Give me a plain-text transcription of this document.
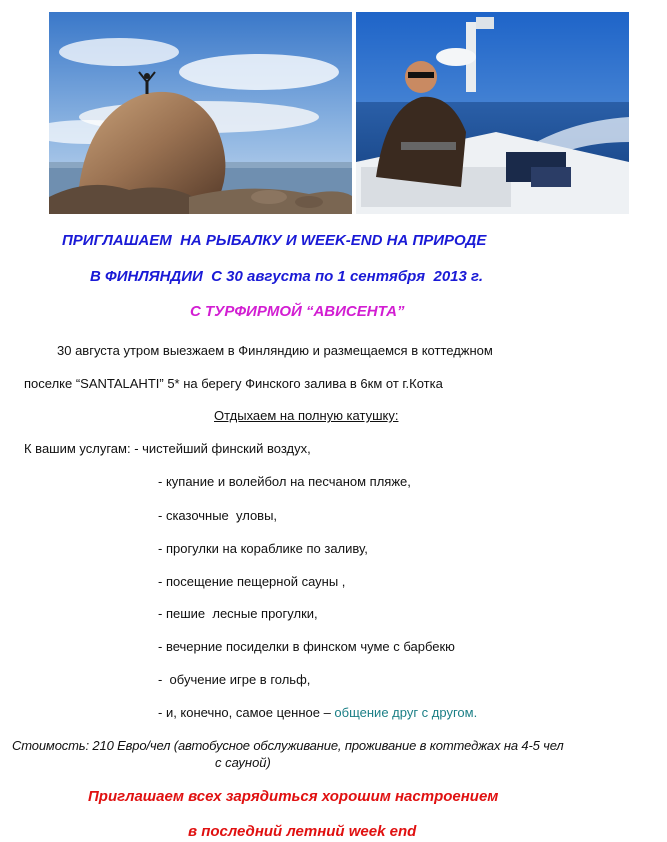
ПРИГЛАШАЕМ  НА РЫБАЛКУ И WEEK-END НА ПРИРОДЕ
В ФИНЛЯНДИИ  С 30 августа по 1 сентября  2013 г.
С ТУРФИРМОЙ “АВИСЕНТА”
30 августа утром выезжаем в Финляндию и размещаемся в коттеджном
поселке “SANTALAHTI” 5* на берегу Финского залива в 6км от г.Котка
Отдыхаем на полную катушку:
К вашим услугам: - чистейший финский воздух,
- купание и волейбол на песчаном пляже,
- сказочные  уловы,
- прогулки на кораблике по заливу,
- посещение пещерной сауны ,
- пешие  лесные прогулки,
- вечерние посиделки в финском чуме с барбекю
-  обучение игре в гольф,
- и, конечно, самое ценное – общение друг с другом.
Стоимость: 210 Евро/чел (автобусное обслуживание, проживание в коттеджах на 4-5 чел
с сауной)
Приглашаем всех зарядиться хорошим настроением
в последний летний week end
